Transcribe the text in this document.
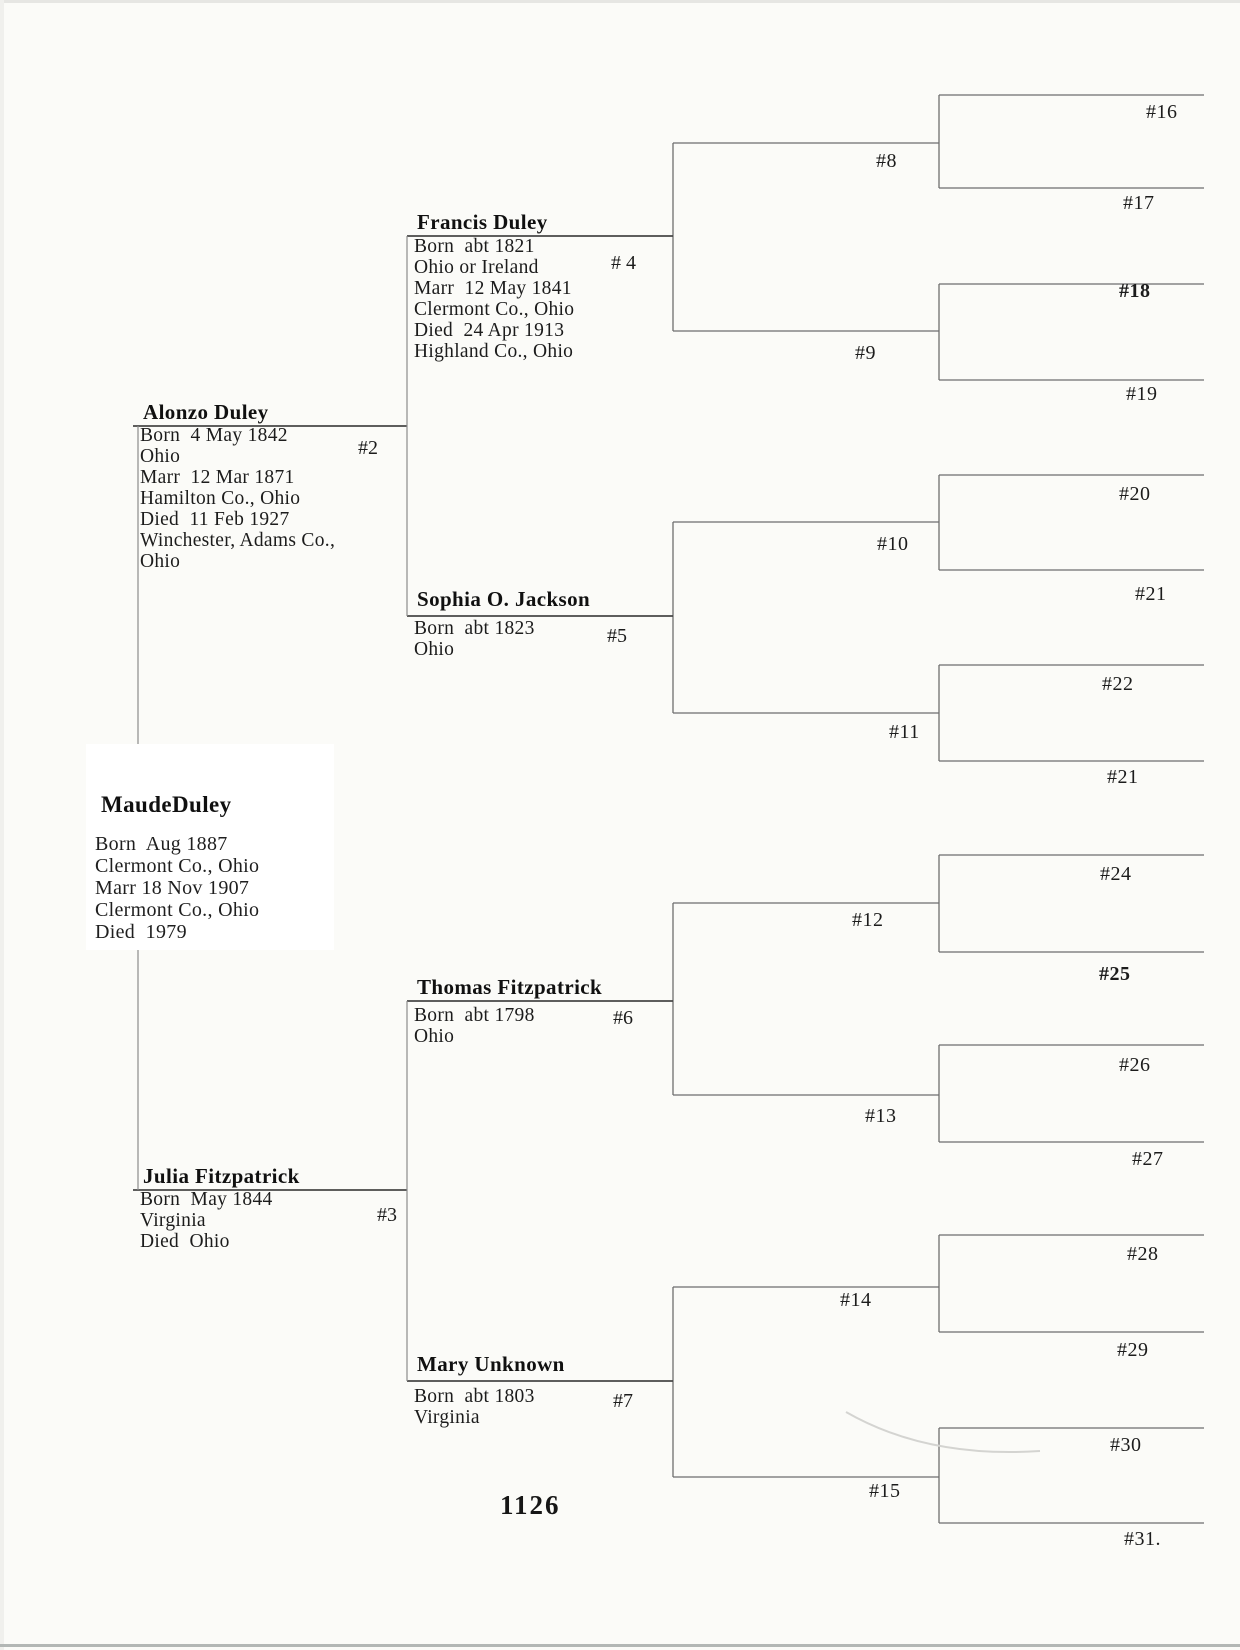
MaudeDuley
Born  Aug 1887
Clermont Co., Ohio
Marr 18 Nov 1907
Clermont Co., Ohio
Died  1979
Alonzo Duley
Born  4 May 1842
Ohio
Marr  12 Mar 1871
Hamilton Co., Ohio
Died  11 Feb 1927
Winchester, Adams Co.,
Ohio
#2
Julia Fitzpatrick
Born  May 1844
Virginia
Died  Ohio
#3
Francis Duley
Born  abt 1821
Ohio or Ireland
Marr  12 May 1841
Clermont Co., Ohio
Died  24 Apr 1913
Highland Co., Ohio
# 4
Sophia O. Jackson
Born  abt 1823
Ohio
#5
Thomas Fitzpatrick
Born  abt 1798
Ohio
#6
Mary Unknown
Born  abt 1803
Virginia
#7
#8
#9
#10
#11
#12
#13
#14
#15
#16
#17
#18
#19
#20
#21
#22
#21
#24
#25
#26
#27
#28
#29
#30
#31.
1126
